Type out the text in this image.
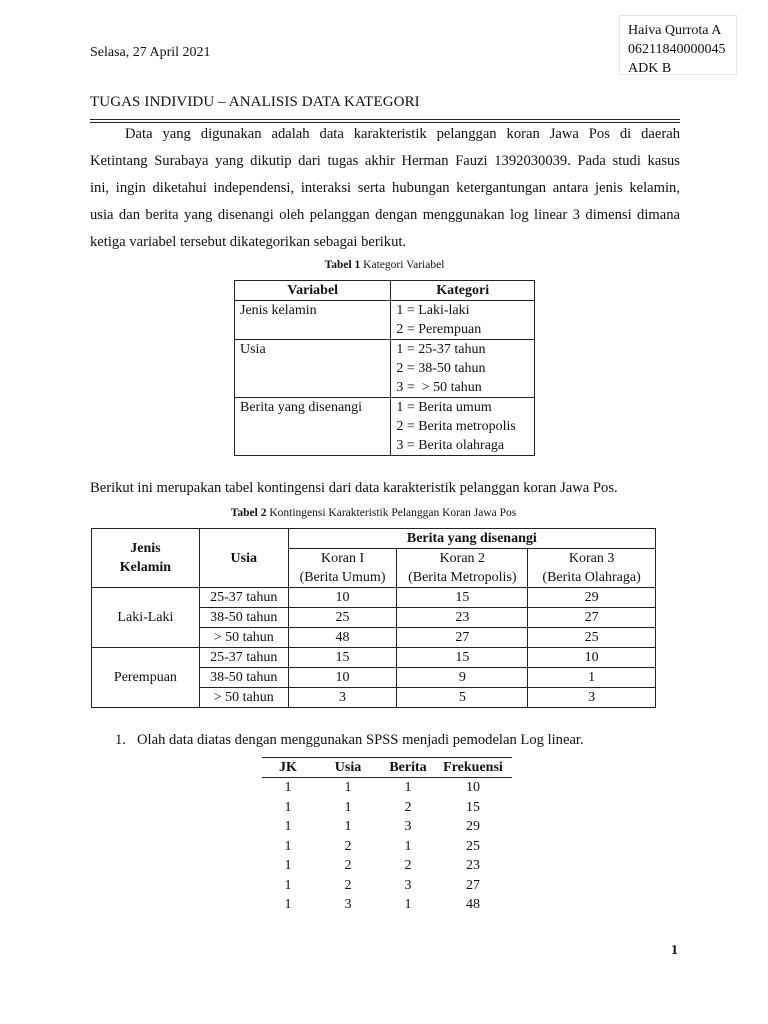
Haiva Qurrota A
06211840000045
ADK B
Selasa, 27 April 2021
TUGAS INDIVIDU – ANALISIS DATA KATEGORI
Data yang digunakan adalah data karakteristik pelanggan koran Jawa Pos di daerah
Ketintang Surabaya yang dikutip dari tugas akhir Herman Fauzi 1392030039. Pada studi kasus
ini, ingin diketahui independensi, interaksi serta hubungan ketergantungan antara jenis kelamin,
usia dan berita yang disenangi oleh pelanggan dengan menggunakan log linear 3 dimensi dimana
ketiga variabel tersebut dikategorikan sebagai berikut.
Tabel 1 Kategori Variabel
Variabel	Kategori
Jenis kelamin	1 = Laki-laki
2 = Perempuan

Usia	1 = 25-37 tahun
2 = 38-50 tahun
3 =  > 50 tahun

Berita yang disenangi	1 = Berita umum
2 = Berita metropolis
3 = Berita olahraga
Berikut ini merupakan tabel kontingensi dari data karakteristik pelanggan koran Jawa Pos.
Tabel 2 Kontingensi Karakteristik Pelanggan Koran Jawa Pos
Jenis
Kelamin	Usia	Berita yang disenangi		
		Koran I	Koran 2	Koran 3
		(Berita Umum)	(Berita Metropolis)	(Berita Olahraga)
Laki-Laki	25-37 tahun	10	15	29
	38-50 tahun	25	23	27
	> 50 tahun	48	27	25
Perempuan	25-37 tahun	15	15	10
	38-50 tahun	10	9	1
	> 50 tahun	3	5	3
1. Olah data diatas dengan menggunakan SPSS menjadi pemodelan Log linear.
JK	Usia	Berita	Frekuensi
1	1	1	10
1	1	2	15
1	1	3	29
1	2	1	25
1	2	2	23
1	2	3	27
1	3	1	48
1
